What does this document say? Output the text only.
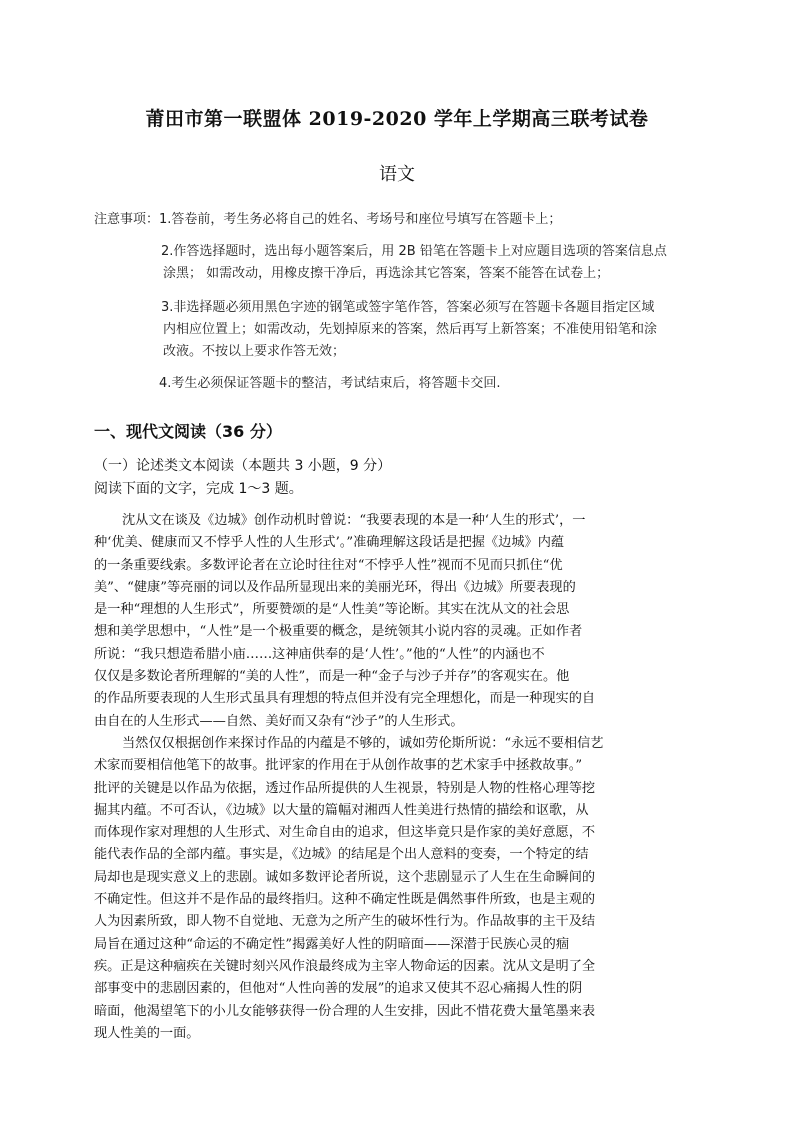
莆田市第一联盟体 2019-2020 学年上学期高三联考试卷
语文
注意事项：1.答卷前，考生务必将自己的姓名、考场号和座位号填写在答题卡上；
2.作答选择题时，选出每小题答案后，用 2B 铅笔在答题卡上对应题目选项的答案信息点
涂黑； 如需改动，用橡皮擦干净后，再选涂其它答案，答案不能答在试卷上；
3.非选择题必须用黑色字迹的钢笔或签字笔作答，答案必须写在答题卡各题目指定区域
内相应位置上；如需改动，先划掉原来的答案，然后再写上新答案；不准使用铅笔和涂
改液。不按以上要求作答无效；
4.考生必须保证答题卡的整洁，考试结束后，将答题卡交回.
一、现代文阅读（36 分）
（一）论述类文本阅读（本题共 3 小题，9 分）
阅读下面的文字，完成 1～3 题。
沈从文在谈及《边城》创作动机时曾说：“我要表现的本是一种‘人生的形式’，一
种‘优美、健康而又不悖乎人性的人生形式’。”准确理解这段话是把握《边城》内蕴
的一条重要线索。多数评论者在立论时往往对“不悖乎人性”视而不见而只抓住“优
美”、“健康”等亮丽的词以及作品所显现出来的美丽光环，得出《边城》所要表现的
是一种“理想的人生形式”，所要赞颂的是“人性美”等论断。其实在沈从文的社会思
想和美学思想中，“人性”是一个极重要的概念，是统领其小说内容的灵魂。正如作者
所说：“我只想造希腊小庙……这神庙供奉的是‘人性’。”他的“人性”的内涵也不
仅仅是多数论者所理解的“美的人性”，而是一种“金子与沙子并存”的客观实在。他
的作品所要表现的人生形式虽具有理想的特点但并没有完全理想化，而是一种现实的自
由自在的人生形式——自然、美好而又杂有“沙子”的人生形式。
当然仅仅根据创作来探讨作品的内蕴是不够的，诚如劳伦斯所说：“永远不要相信艺
术家而要相信他笔下的故事。批评家的作用在于从创作故事的艺术家手中拯救故事。”
批评的关键是以作品为依据，透过作品所提供的人生视景，特别是人物的性格心理等挖
掘其内蕴。不可否认，《边城》以大量的篇幅对湘西人性美进行热情的描绘和讴歌，从
而体现作家对理想的人生形式、对生命自由的追求，但这毕竟只是作家的美好意愿，不
能代表作品的全部内蕴。事实是，《边城》的结尾是个出人意料的变奏，一个特定的结
局却也是现实意义上的悲剧。诚如多数评论者所说，这个悲剧显示了人生在生命瞬间的
不确定性。但这并不是作品的最终指归。这种不确定性既是偶然事件所致，也是主观的
人为因素所致，即人物不自觉地、无意为之所产生的破坏性行为。作品故事的主干及结
局旨在通过这种“命运的不确定性”揭露美好人性的阴暗面——深潜于民族心灵的痼
疾。正是这种痼疾在关键时刻兴风作浪最终成为主宰人物命运的因素。沈从文是明了全
部事变中的悲剧因素的，但他对“人性向善的发展”的追求又使其不忍心痛揭人性的阴
暗面，他渴望笔下的小儿女能够获得一份合理的人生安排，因此不惜花费大量笔墨来表
现人性美的一面。
